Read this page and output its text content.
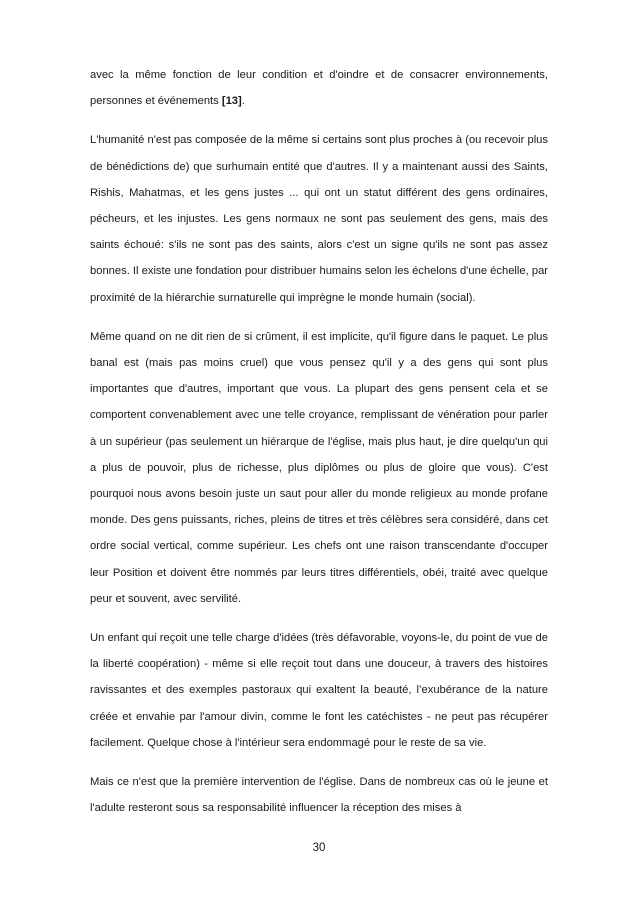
avec la même fonction de leur condition et d'oindre et de consacrer environnements, personnes et événements [13].

L'humanité n'est pas composée de la même si certains sont plus proches à (ou recevoir plus de bénédictions de) que surhumain entité que d'autres. Il y a maintenant aussi des Saints, Rishis, Mahatmas, et les gens justes ... qui ont un statut différent des gens ordinaires, pécheurs, et les injustes. Les gens normaux ne sont pas seulement des gens, mais des saints échoué: s'ils ne sont pas des saints, alors c'est un signe qu'ils ne sont pas assez bonnes. Il existe une fondation pour distribuer humains selon les échelons d'une échelle, par proximité de la hiérarchie surnaturelle qui imprègne le monde humain (social).

Même quand on ne dit rien de si crûment, il est implicite, qu'il figure dans le paquet. Le plus banal est (mais pas moins cruel) que vous pensez qu'il y a des gens qui sont plus importantes que d'autres, important que vous. La plupart des gens pensent cela et se comportent convenablement avec une telle croyance, remplissant de vénération pour parler à un supérieur (pas seulement un hiérarque de l'église, mais plus haut, je dire quelqu'un qui a plus de pouvoir, plus de richesse, plus diplômes ou plus de gloire que vous). C'est pourquoi nous avons besoin juste un saut pour aller du monde religieux au monde profane monde. Des gens puissants, riches, pleins de titres et très célèbres sera considéré, dans cet ordre social vertical, comme supérieur. Les chefs ont une raison transcendante d'occuper leur Position et doivent être nommés par leurs titres différentiels, obéi, traité avec quelque peur et souvent, avec servilité.

Un enfant qui reçoit une telle charge d'idées (très défavorable, voyons-le, du point de vue de la liberté coopération) - même si elle reçoit tout dans une douceur, à travers des histoires ravissantes et des exemples pastoraux qui exaltent la beauté, l’exubérance de la nature créée et envahie par l'amour divin, comme le font les catéchistes - ne peut pas récupérer facilement. Quelque chose à l'intérieur sera endommagé pour le reste de sa vie.

Mais ce n'est que la première intervention de l'église. Dans de nombreux cas où le jeune et l'adulte resteront sous sa responsabilité influencer la réception des mises à

30
